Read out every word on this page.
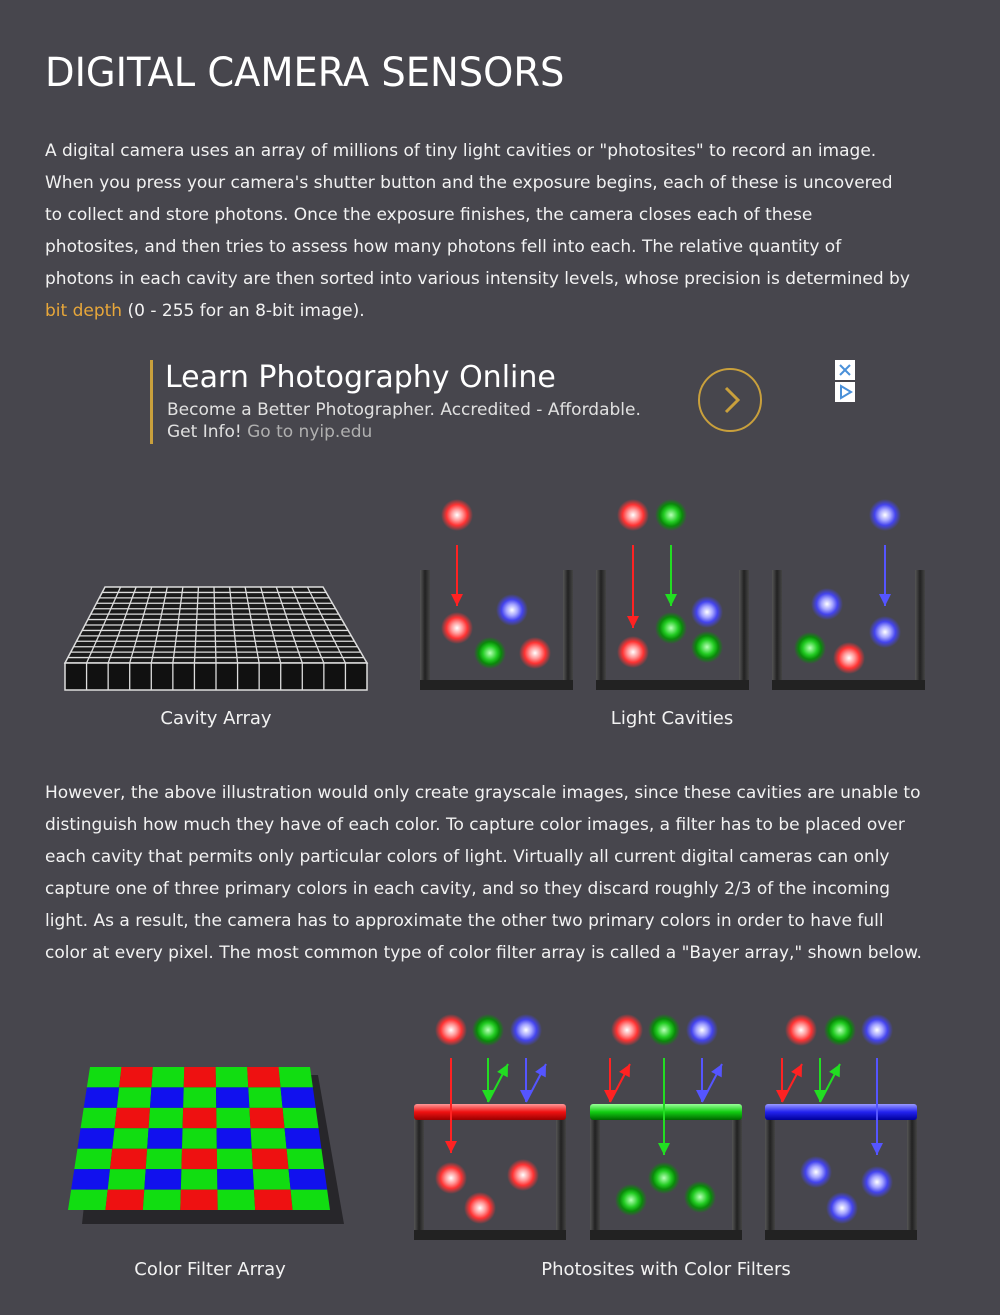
DIGITAL CAMERA SENSORS
A digital camera uses an array of millions of tiny light cavities or "photosites" to record an image.
When you press your camera's shutter button and the exposure begins, each of these is uncovered
to collect and store photons. Once the exposure finishes, the camera closes each of these
photosites, and then tries to assess how many photons fell into each. The relative quantity of
photons in each cavity are then sorted into various intensity levels, whose precision is determined by
bit depth (0 - 255 for an 8-bit image).
Learn Photography Online
Become a Better Photographer. Accredited - Affordable.
Get Info! Go to nyip.edu
Cavity Array	Light Cavities
However, the above illustration would only create grayscale images, since these cavities are unable to
distinguish how much they have of each color. To capture color images, a filter has to be placed over
each cavity that permits only particular colors of light. Virtually all current digital cameras can only
capture one of three primary colors in each cavity, and so they discard roughly 2/3 of the incoming
light. As a result, the camera has to approximate the other two primary colors in order to have full
color at every pixel. The most common type of color filter array is called a "Bayer array," shown below.
Color Filter Array	Photosites with Color Filters
